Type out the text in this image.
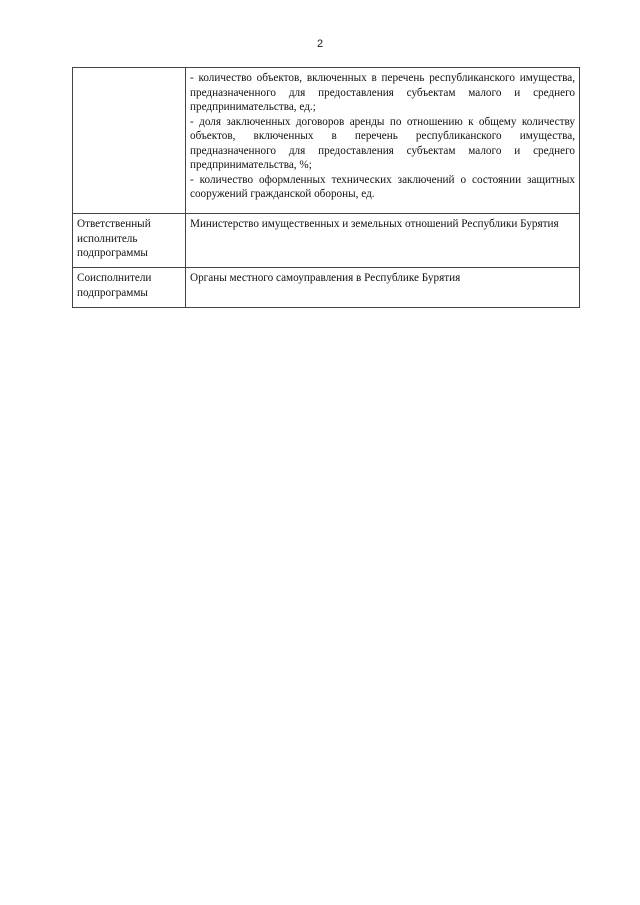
2

	- количество объектов, включенных в перечень республиканского имущества, предназначенного для предоставления субъектам малого и среднего предпринимательства, ед.;
- доля заключенных договоров аренды по отношению к общему количеству объектов, включенных в перечень республиканского имущества, предназначенного для предоставления субъектам малого и среднего предпринимательства, %;
- количество оформленных технических заключений о состоянии защитных сооружений гражданской обороны, ед.

Ответственный исполнитель подпрограммы	Министерство имущественных и земельных отношений Республики Бурятия
Соисполнители подпрограммы	Органы местного самоуправления в Республике Бурятия
